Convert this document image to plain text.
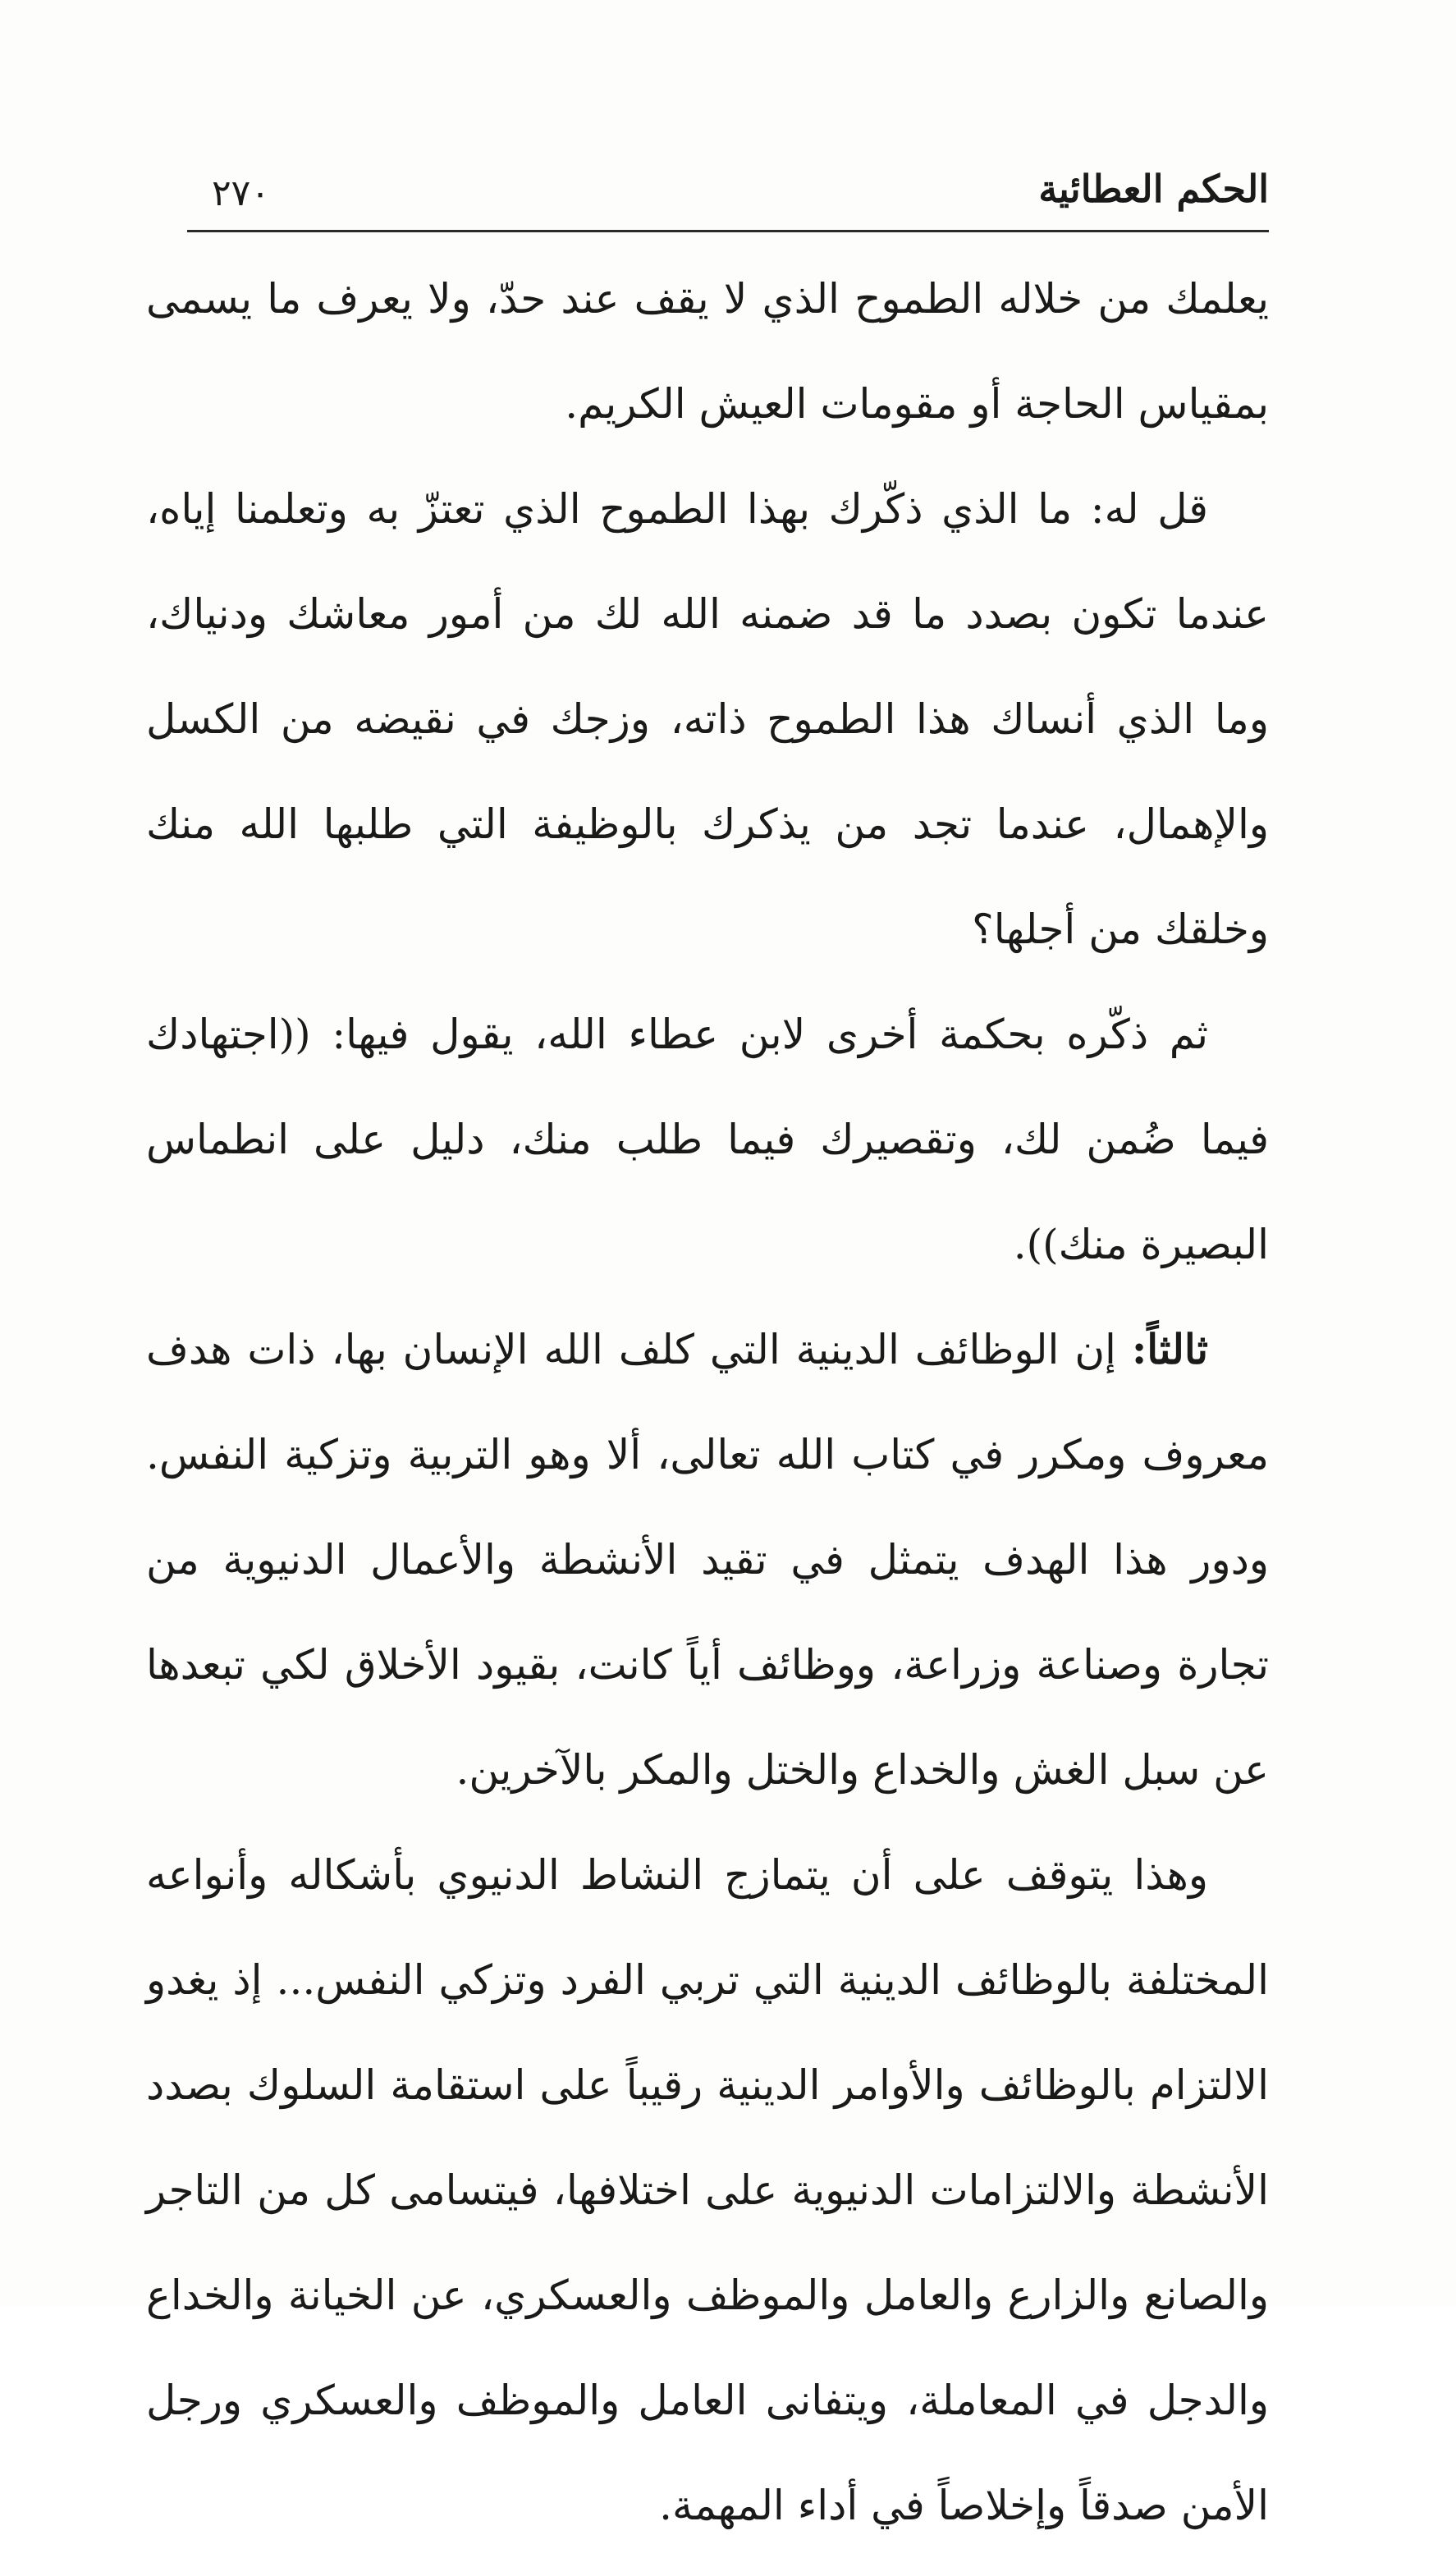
الحكم العطائية
٢٧٠

يعلمك من خلاله الطموح الذي لا يقف عند حدّ، ولا يعرف ما يسمى بمقياس الحاجة أو مقومات العيش الكريم.

قل له: ما الذي ذكّرك بهذا الطموح الذي تعتزّ به وتعلمنا إياه، عندما تكون بصدد ما قد ضمنه الله لك من أمور معاشك ودنياك، وما الذي أنساك هذا الطموح ذاته، وزجك في نقيضه من الكسل والإهمال، عندما تجد من يذكرك بالوظيفة التي طلبها الله منك وخلقك من أجلها؟

ثم ذكّره بحكمة أخرى لابن عطاء الله، يقول فيها: ((اجتهادك فيما ضُمن لك، وتقصيرك فيما طلب منك، دليل على انطماس البصيرة منك)).

ثالثاً: إن الوظائف الدينية التي كلف الله الإنسان بها، ذات هدف معروف ومكرر في كتاب الله تعالى، ألا وهو التربية وتزكية النفس. ودور هذا الهدف يتمثل في تقيد الأنشطة والأعمال الدنيوية من تجارة وصناعة وزراعة، ووظائف أياً كانت، بقيود الأخلاق لكي تبعدها عن سبل الغش والخداع والختل والمكر بالآخرين.

وهذا يتوقف على أن يتمازج النشاط الدنيوي بأشكاله وأنواعه المختلفة بالوظائف الدينية التي تربي الفرد وتزكي النفس... إذ يغدو الالتزام بالوظائف والأوامر الدينية رقيباً على استقامة السلوك بصدد الأنشطة والالتزامات الدنيوية على اختلافها، فيتسامى كل من التاجر والصانع والزارع والعامل والموظف والعسكري، عن الخيانة والخداع والدجل في المعاملة، ويتفانى العامل والموظف والعسكري ورجل الأمن صدقاً وإخلاصاً في أداء المهمة.
